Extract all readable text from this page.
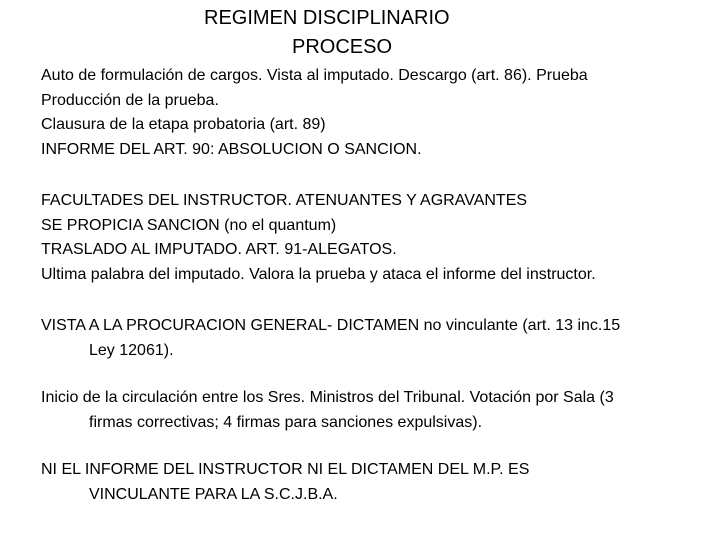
REGIMEN DISCIPLINARIO
PROCESO
Auto de formulación de cargos. Vista al imputado. Descargo (art. 86). Prueba
Producción de la prueba.
Clausura de la etapa probatoria (art. 89)
INFORME DEL ART. 90: ABSOLUCION O SANCION.
FACULTADES DEL INSTRUCTOR. ATENUANTES Y AGRAVANTES
SE PROPICIA SANCION (no el quantum)
TRASLADO AL IMPUTADO. ART. 91-ALEGATOS.
Ultima palabra del imputado. Valora la prueba y ataca el informe del instructor.
VISTA A LA PROCURACION GENERAL- DICTAMEN no vinculante (art. 13 inc.15
Ley 12061).
Inicio de la circulación entre los Sres. Ministros del Tribunal. Votación por Sala (3
firmas correctivas; 4 firmas para sanciones expulsivas).
NI EL INFORME DEL INSTRUCTOR NI EL DICTAMEN DEL M.P. ES
VINCULANTE PARA LA S.C.J.B.A.
